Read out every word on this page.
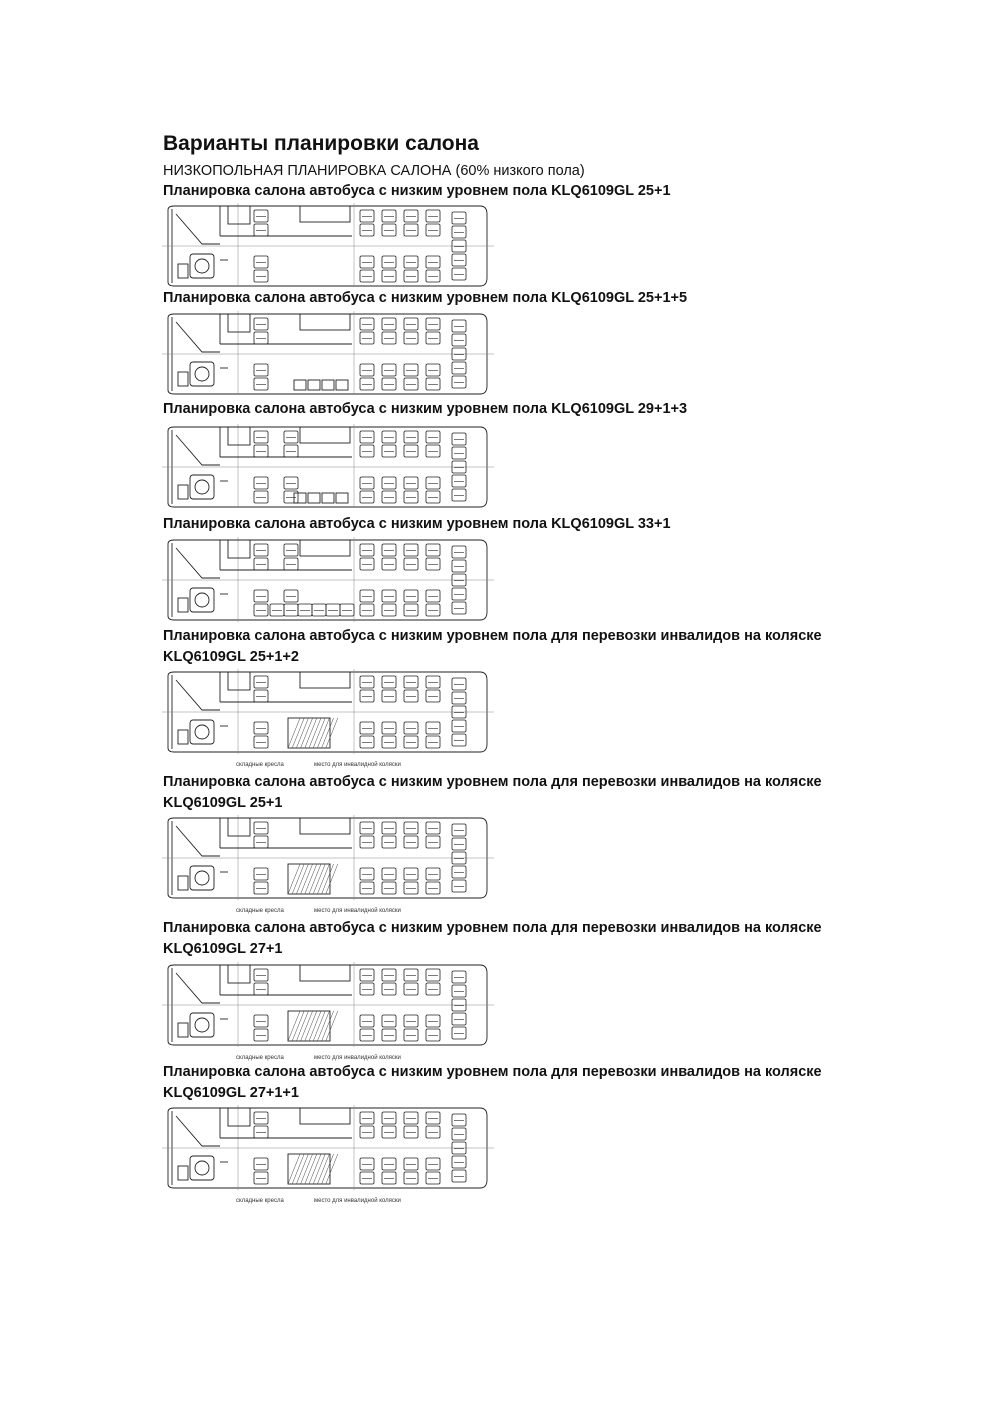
Варианты планировки салона

НИЗКОПОЛЬНАЯ ПЛАНИРОВКА САЛОНА (60% низкого пола)

Планировка салона автобуса с низким уровнем пола KLQ6109GL 25+1

Планировка салона автобуса с низким уровнем пола KLQ6109GL 25+1+5

Планировка салона автобуса с низким уровнем пола KLQ6109GL 29+1+3

Планировка салона автобуса с низким уровнем пола KLQ6109GL 33+1

Планировка салона автобуса с низким уровнем пола для перевозки инвалидов на коляске

KLQ6109GL 25+1+2

складные кресла	место для инвалидной коляски

Планировка салона автобуса с низким уровнем пола для перевозки инвалидов на коляске

KLQ6109GL 25+1

складные кресла	место для инвалидной коляски

Планировка салона автобуса с низким уровнем пола для перевозки инвалидов на коляске

KLQ6109GL 27+1

складные кресла	место для инвалидной коляски

Планировка салона автобуса с низким уровнем пола для перевозки инвалидов на коляске

KLQ6109GL 27+1+1

складные кресла	место для инвалидной коляски
